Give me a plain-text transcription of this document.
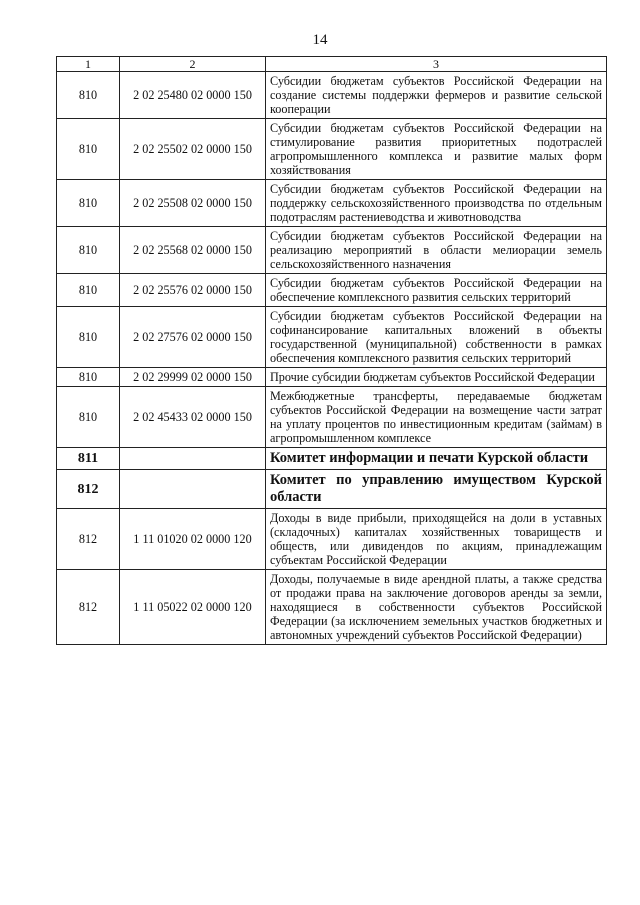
14
1	2	3
810	2 02 25480 02 0000 150	Субсидии бюджетам субъектов Российской Федерации на создание системы поддержки фермеров и развитие сельской кооперации
810	2 02 25502 02 0000 150	Субсидии бюджетам субъектов Российской Федерации на стимулирование развития приоритетных подотраслей агропромышленного комплекса и развитие малых форм хозяйствования
810	2 02 25508 02 0000 150	Субсидии бюджетам субъектов Российской Федерации на поддержку сельскохозяйственного производства по отдельным подотраслям растениеводства и животноводства
810	2 02 25568 02 0000 150	Субсидии бюджетам субъектов Российской Федерации на реализацию мероприятий в области мелиорации земель сельскохозяйственного назначения
810	2 02 25576 02 0000 150	Субсидии бюджетам субъектов Российской Федерации на обеспечение комплексного развития сельских территорий
810	2 02 27576 02 0000 150	Субсидии бюджетам субъектов Российской Федерации на софинансирование капитальных вложений в объекты государственной (муниципальной) собственности в рамках обеспечения комплексного развития сельских территорий
810	2 02 29999 02 0000 150	Прочие субсидии бюджетам субъектов Российской Федерации
810	2 02 45433 02 0000 150	Межбюджетные трансферты, передаваемые бюджетам субъектов Российской Федерации на возмещение части затрат на уплату процентов по инвестиционным кредитам (займам) в агропромышленном комплексе
811		Комитет информации и печати Курской области
812		Комитет по управлению имуществом Курской области
812	1 11 01020 02 0000 120	Доходы в виде прибыли, приходящейся на доли в уставных (складочных) капиталах хозяйственных товариществ и обществ, или дивидендов по акциям, принадлежащим субъектам Российской Федерации
812	1 11 05022 02 0000 120	Доходы, получаемые в виде арендной платы, а также средства от продажи права на заключение договоров аренды за земли, находящиеся в собственности субъектов Российской Федерации (за исключением земельных участков бюджетных и автономных учреждений субъектов Российской Федерации)
